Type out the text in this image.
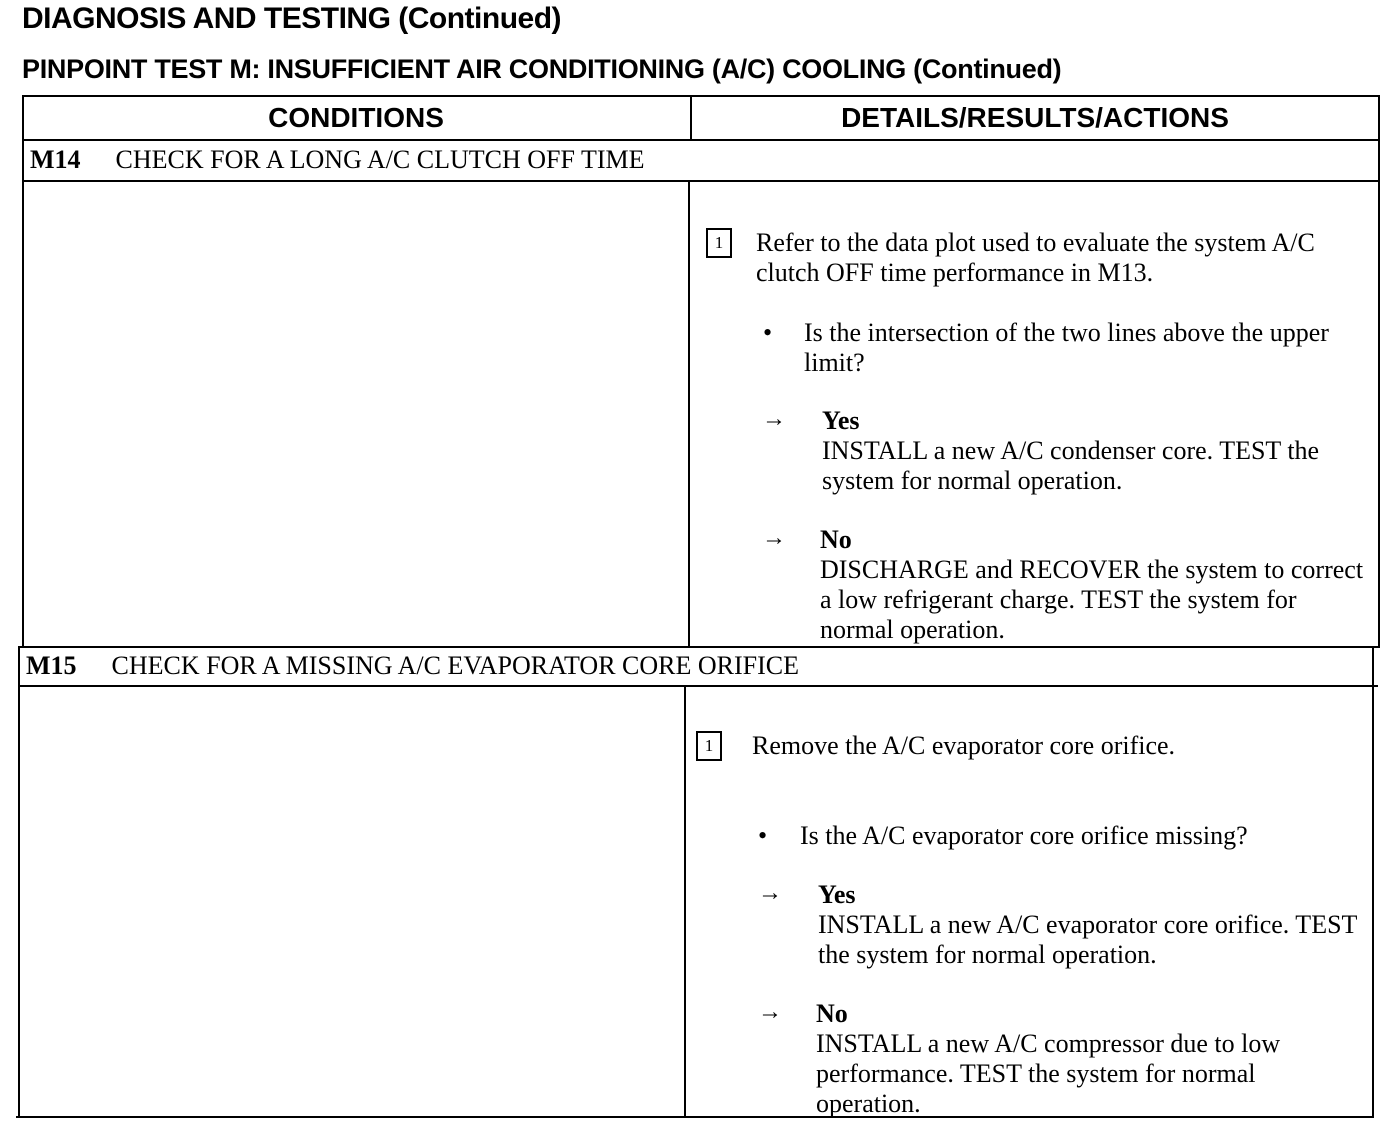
DIAGNOSIS AND TESTING (Continued)
PINPOINT TEST M: INSUFFICIENT AIR CONDITIONING (A/C) COOLING (Continued)
CONDITIONS	DETAILS/RESULTS/ACTIONS
M14 CHECK FOR A LONG A/C CLUTCH OFF TIME
1	Refer to the data plot used to evaluate the system A/C clutch OFF time performance in M13.
• Is the intersection of the two lines above the upper limit?
→ Yes
INSTALL a new A/C condenser core. TEST the system for normal operation.
→ No
DISCHARGE and RECOVER the system to correct a low refrigerant charge. TEST the system for normal operation.
M15 CHECK FOR A MISSING A/C EVAPORATOR CORE ORIFICE
1	Remove the A/C evaporator core orifice.
• Is the A/C evaporator core orifice missing?
→ Yes
INSTALL a new A/C evaporator core orifice. TEST the system for normal operation.
→ No
INSTALL a new A/C compressor due to low performance. TEST the system for normal operation.
